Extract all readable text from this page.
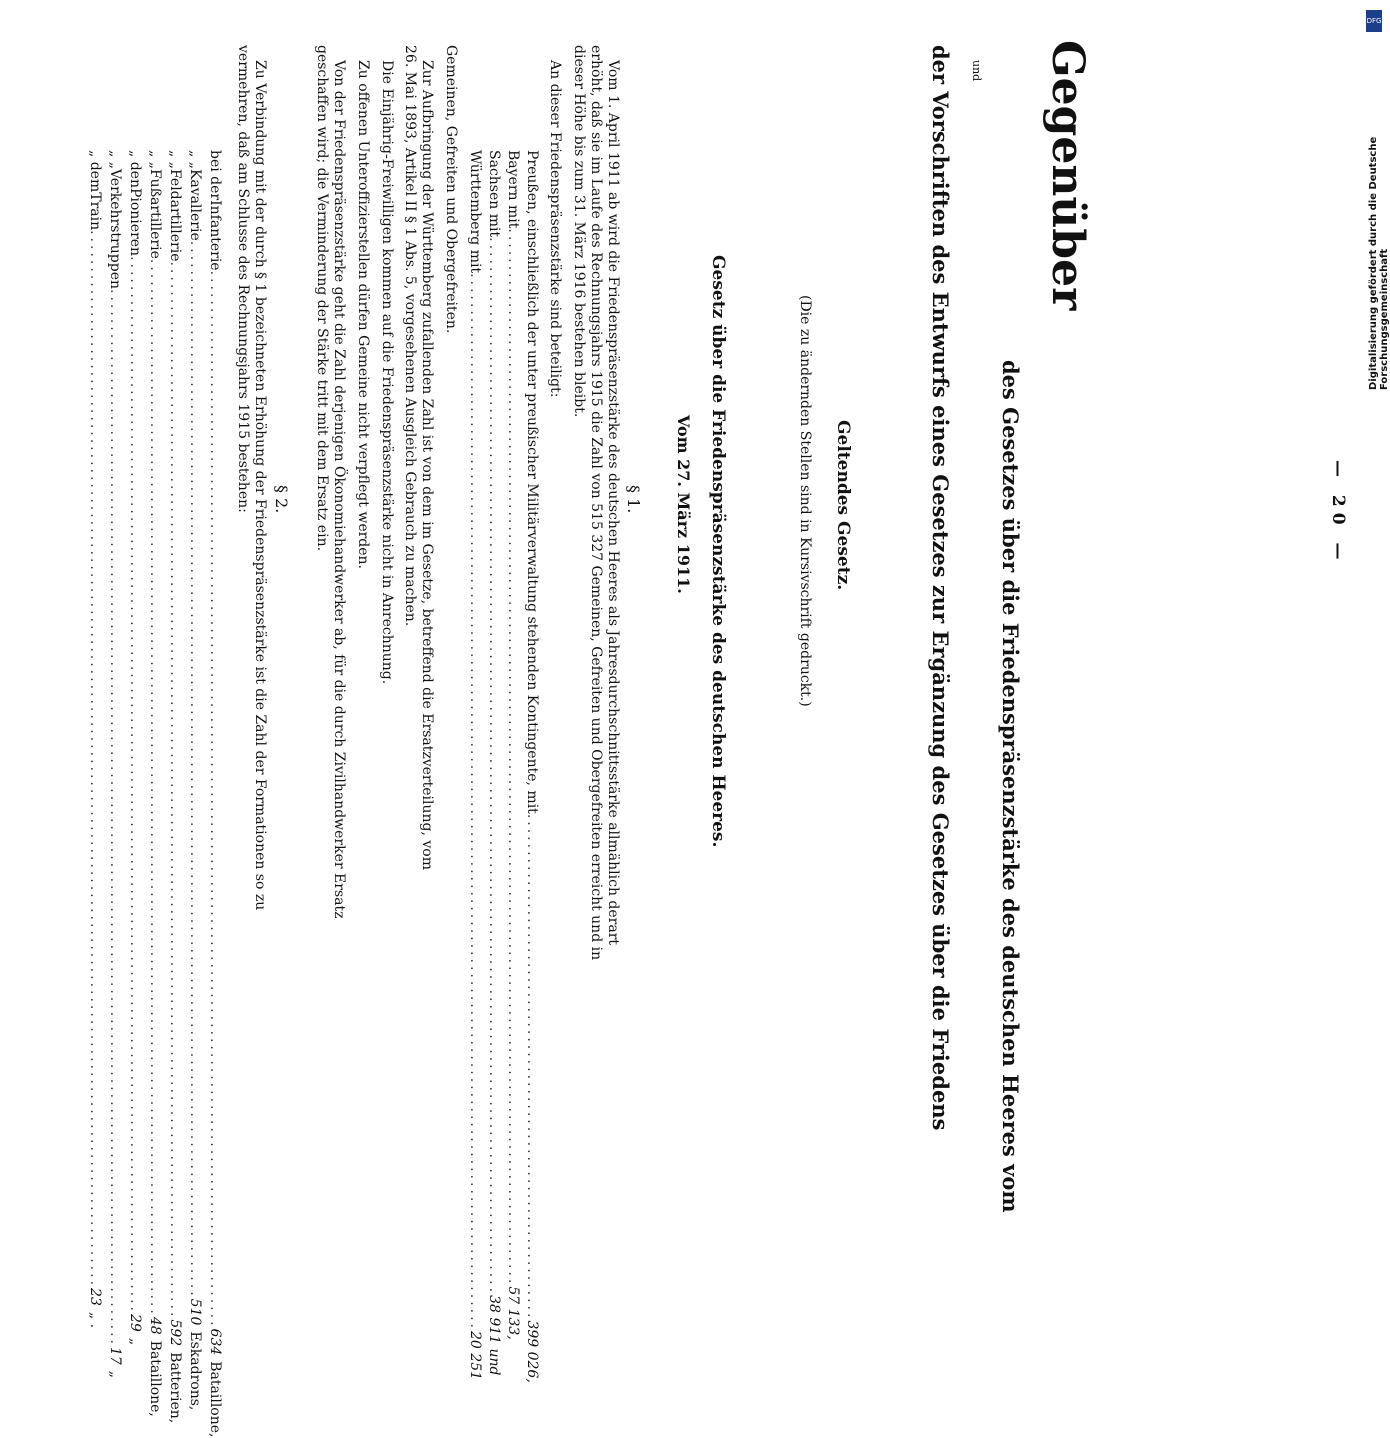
— 20 —
Gegenüber
des Gesetzes über die Friedenspräsenzstärke des deutschen Heeres vom
und
der Vorschriften des Entwurfs eines Gesetzes zur Ergänzung des Gesetzes über die Friedens
Geltendes Gesetz.
(Die zu ändernden Stellen sind in Kursivschrift gedruckt.)
Gesetz über die Friedenspräsenzstärke des deutschen Heeres.
Vom 27. März 1911.
§ 1.
Vom 1. April 1911 ab wird die Friedenspräsenzstärke des deutschen Heeres als Jahresdurchschnittsstärke allmählich derart
erhöht, daß sie im Laufe des Rechnungsjahrs 1915 die Zahl von 515 327 Gemeinen, Gefreiten und Obergefreiten erreicht und in
dieser Höhe bis zum 31. März 1916 bestehen bleibt.
An dieser Friedenspräsenzstärke sind beteiligt:
Preußen, einschließlich der unter preußischer Militärverwaltung stehenden Kontingente, mit
....................................................................
399 026,
Bayern mit
..............................................................................................................................................
57 133,
Sachsen mit
..............................................................................................................................................
38 911 und
Württemberg mit
..............................................................................................................................................
20 251
Gemeinen, Gefreiten und Obergefreiten.
Zur Aufbringung der Württemberg zufallenden Zahl ist von dem im Gesetze, betreffend die Ersatzverteilung, vom
26. Mai 1893, Artikel II § 1 Abs. 5, vorgesehenen Ausgleich Gebrauch zu machen.
Die Einjährig-Freiwilligen kommen auf die Friedenspräsenzstärke nicht in Anrechnung.
Zu offenen Unteroffizierstellen dürfen Gemeine nicht verpflegt werden.
Von der Friedenspräsenzstärke geht die Zahl derjenigen Ökonomiehandwerker ab, für die durch Zivilhandwerker Ersatz
geschaffen wird; die Verminderung der Stärke tritt mit dem Ersatz ein.
§ 2.
Zu Verbindung mit der durch § 1 bezeichneten Erhöhung der Friedenspräsenzstärke ist die Zahl der Formationen so zu
vermehren, daß am Schlusse des Rechnungsjahrs 1915 bestehen:
bei der
Infanterie
..............................................................................................................................................
634
Bataillone,
„ „
Kavallerie
..............................................................................................................................................
510
Eskadrons,
„ „
Feldartillerie
..............................................................................................................................................
592
Batterien,
„ „
Fußartillerie
..............................................................................................................................................
48
Bataillone,
„ den
Pionieren
..............................................................................................................................................
29
„
„ „
Verkehrstruppen
..............................................................................................................................................
17
„
„ dem
Train
..............................................................................................................................................
23
„ .
DFG
Digitalisierung gefördert durch die Deutsche Forschungsgemeinschaft
